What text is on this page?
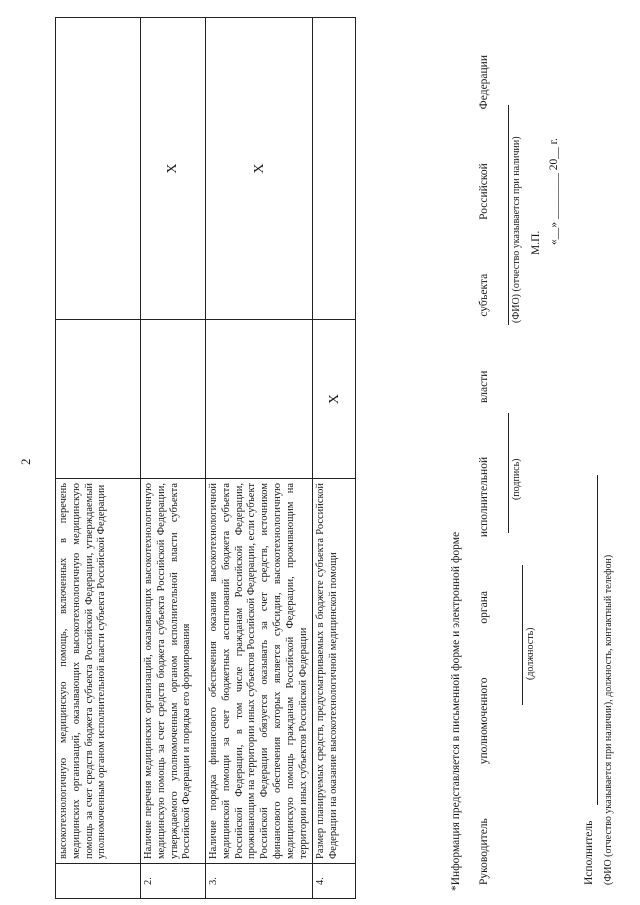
2
	высокотехнологичную медицинскую помощь, включенных в перечень медицинских организаций, оказывающих высокотехнологичную медицинскую помощь за счет средств бюджета субъекта Российской Федерации, утверждаемый уполномоченным органом исполнительной власти субъекта Российской Федерации		
2.	Наличие перечня медицинских организаций, оказывающих высокотехнологичную медицинскую помощь за счет средств бюджета субъекта Российской Федерации, утверждаемого уполномоченным органом исполнительной власти субъекта Российской Федерации и порядка его формирования		X
3.	Наличие порядка финансового обеспечения оказания высокотехнологичной медицинской помощи за счет бюджетных ассигнований бюджета субъекта Российской Федерации, в том числе гражданам Российской Федерации, проживающим на территории иных субъектов Российской Федерации, если субъект Российской Федерации обязуется оказывать за счет средств, источником финансового обеспечения которых является субсидия, высокотехнологичную медицинскую помощь гражданам Российской Федерации, проживающим на территории иных субъектов Российской Федерации		X
4.	Размер планируемых средств, предусматриваемых в бюджете субъекта Российской Федерации на оказание высокотехнологичной медицинской помощи	X	
*Информация представляется в письменной форме и электронной форме Руководитель уполномоченного органа исполнительной власти субъекта Российской Федерации	(должность)
(подпись)
(ФИО) (отчество указывается при наличии) М.П. «__» ________ 20__ г.
Исполнитель (ФИО (отчество указывается при наличии), должность, контактный телефон)
